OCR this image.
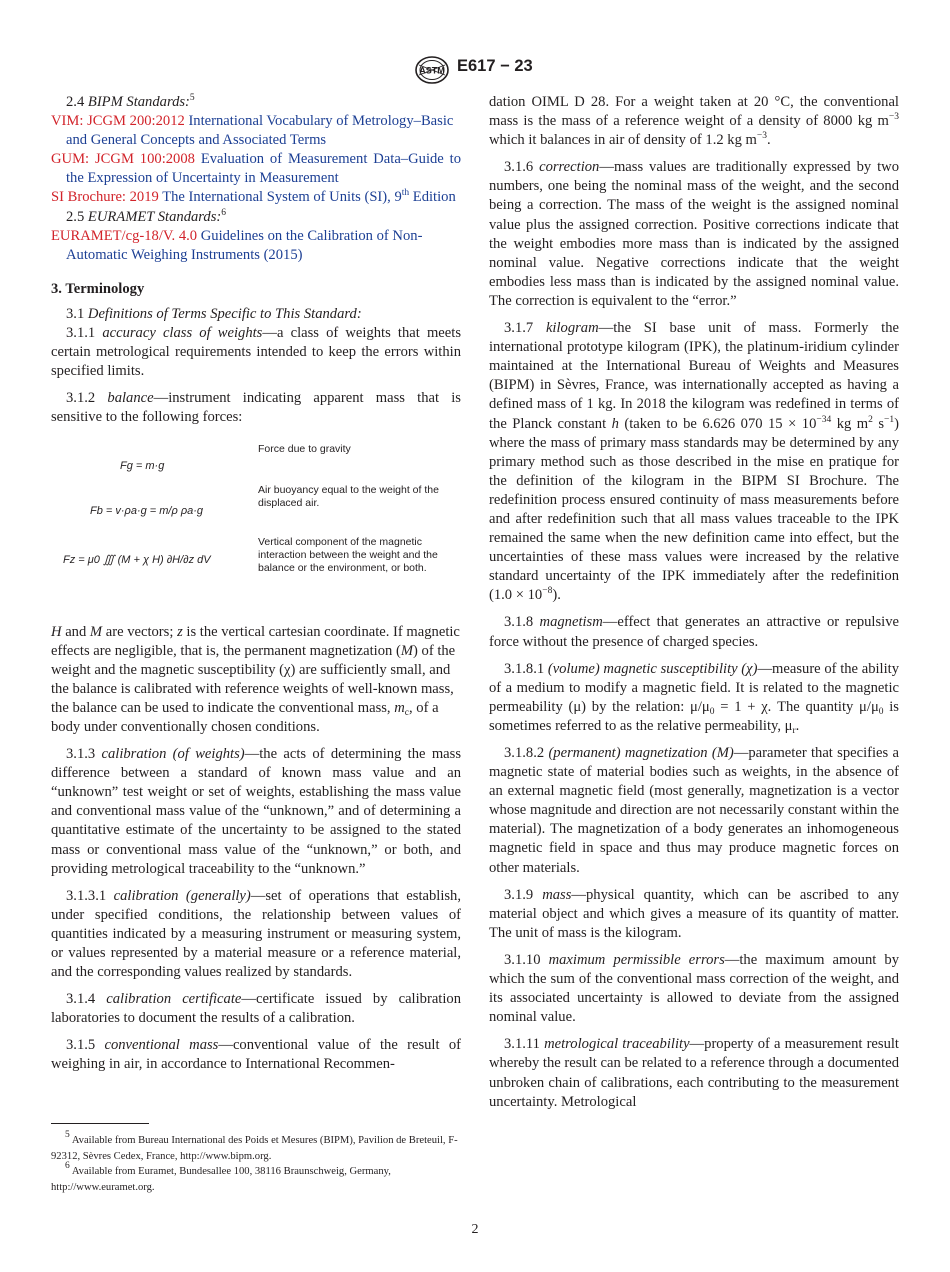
ASTM E617 − 23

2.4 BIPM Standards:$^5$

VIM: JCGM 200:2012 International Vocabulary of Metrology–Basic and General Concepts and Associated Terms

GUM: JCGM 100:2008 Evaluation of Measurement Data–Guide to the Expression of Uncertainty in Measurement

SI Brochure: 2019 The International System of Units (SI), 9th Edition

2.5 EURAMET Standards:$^6$

EURAMET/cg-18/V. 4.0 Guidelines on the Calibration of Non-Automatic Weighing Instruments (2015)

3. Terminology

3.1 Definitions of Terms Specific to This Standard:

3.1.1 accuracy class of weights—a class of weights that meets certain metrological requirements intended to keep the errors within specified limits.

3.1.2 balance—instrument indicating apparent mass that is sensitive to the following forces:

Fg = m·g
Force due to gravity
Fb = v·ρa·g = m/ρ ρa·g
Air buoyancy equal to the weight of the displaced air.
Fz = μ0 ∭ (M + χ H) ∂H/∂z dV
Vertical component of the magnetic interaction between the weight and the balance or the environment, or both.

H and M are vectors; z is the vertical cartesian coordinate. If magnetic effects are negligible, that is, the permanent magnetization (M) of the weight and the magnetic susceptibility (χ) are sufficiently small, and the balance is calibrated with reference weights of well-known mass, the balance can be used to indicate the conventional mass, $m_c$, of a body under conventionally chosen conditions.

3.1.3 calibration (of weights)—the acts of determining the mass difference between a standard of known mass value and an “unknown” test weight or set of weights, establishing the mass value and conventional mass value of the “unknown,” and of determining a quantitative estimate of the uncertainty to be assigned to the stated mass or conventional mass value of the “unknown,” or both, and providing metrological traceability to the “unknown.”

3.1.3.1 calibration (generally)—set of operations that establish, under specified conditions, the relationship between values of quantities indicated by a measuring instrument or measuring system, or values represented by a material measure or a reference material, and the corresponding values realized by standards.

3.1.4 calibration certificate—certificate issued by calibration laboratories to document the results of a calibration.

3.1.5 conventional mass—conventional value of the result of weighing in air, in accordance to International Recommen-

$^5$ Available from Bureau International des Poids et Mesures (BIPM), Pavilion de Breteuil, F-92312, Sèvres Cedex, France, http://www.bipm.org.

$^6$ Available from Euramet, Bundesallee 100, 38116 Braunschweig, Germany, http://www.euramet.org.

dation OIML D 28. For a weight taken at 20 °C, the conventional mass is the mass of a reference weight of a density of 8000 kg $m^{-3}$ which it balances in air of density of 1.2 kg $m^{-3}$.

3.1.6 correction—mass values are traditionally expressed by two numbers, one being the nominal mass of the weight, and the second being a correction. The mass of the weight is the assigned nominal value plus the assigned correction. Positive corrections indicate that the weight embodies more mass than is indicated by the assigned nominal value. Negative corrections indicate that the weight embodies less mass than is indicated by the assigned nominal value. The correction is equivalent to the “error.”

3.1.7 kilogram—the SI base unit of mass. Formerly the international prototype kilogram (IPK), the platinum-iridium cylinder maintained at the International Bureau of Weights and Measures (BIPM) in Sèvres, France, was internationally accepted as having a defined mass of 1 kg. In 2018 the kilogram was redefined in terms of the Planck constant h (taken to be 6.626 070 $15 \times 10^{-34}$ kg $m^2$ $s^{-1}$) where the mass of primary mass standards may be determined by any primary method such as those described in the mise en pratique for the definition of the kilogram in the BIPM SI Brochure. The redefinition process ensured continuity of mass measurements before and after redefinition such that all mass values traceable to the IPK remained the same when the new definition came into effect, but the uncertainties of these mass values were increased by the relative standard uncertainty of the IPK immediately after the redefinition $(1.0 \times 10^{-8})$.

3.1.8 magnetism—effect that generates an attractive or repulsive force without the presence of charged species.

3.1.8.1 (volume) magnetic susceptibility (χ)—measure of the ability of a medium to modify a magnetic field. It is related to the magnetic permeability (μ) by the relation: $\mu/\mu_0 = 1 + \chi$. The quantity $\mu/\mu_0$ is sometimes referred to as the relative permeability, $\mu_r$.

3.1.8.2 (permanent) magnetization (M)—parameter that specifies a magnetic state of material bodies such as weights, in the absence of an external magnetic field (most generally, magnetization is a vector whose magnitude and direction are not necessarily constant within the material). The magnetization of a body generates an inhomogeneous magnetic field in space and thus may produce magnetic forces on other materials.

3.1.9 mass—physical quantity, which can be ascribed to any material object and which gives a measure of its quantity of matter. The unit of mass is the kilogram.

3.1.10 maximum permissible errors—the maximum amount by which the sum of the conventional mass correction of the weight, and its associated uncertainty is allowed to deviate from the assigned nominal value.

3.1.11 metrological traceability—property of a measurement result whereby the result can be related to a reference through a documented unbroken chain of calibrations, each contributing to the measurement uncertainty. Metrological

2
